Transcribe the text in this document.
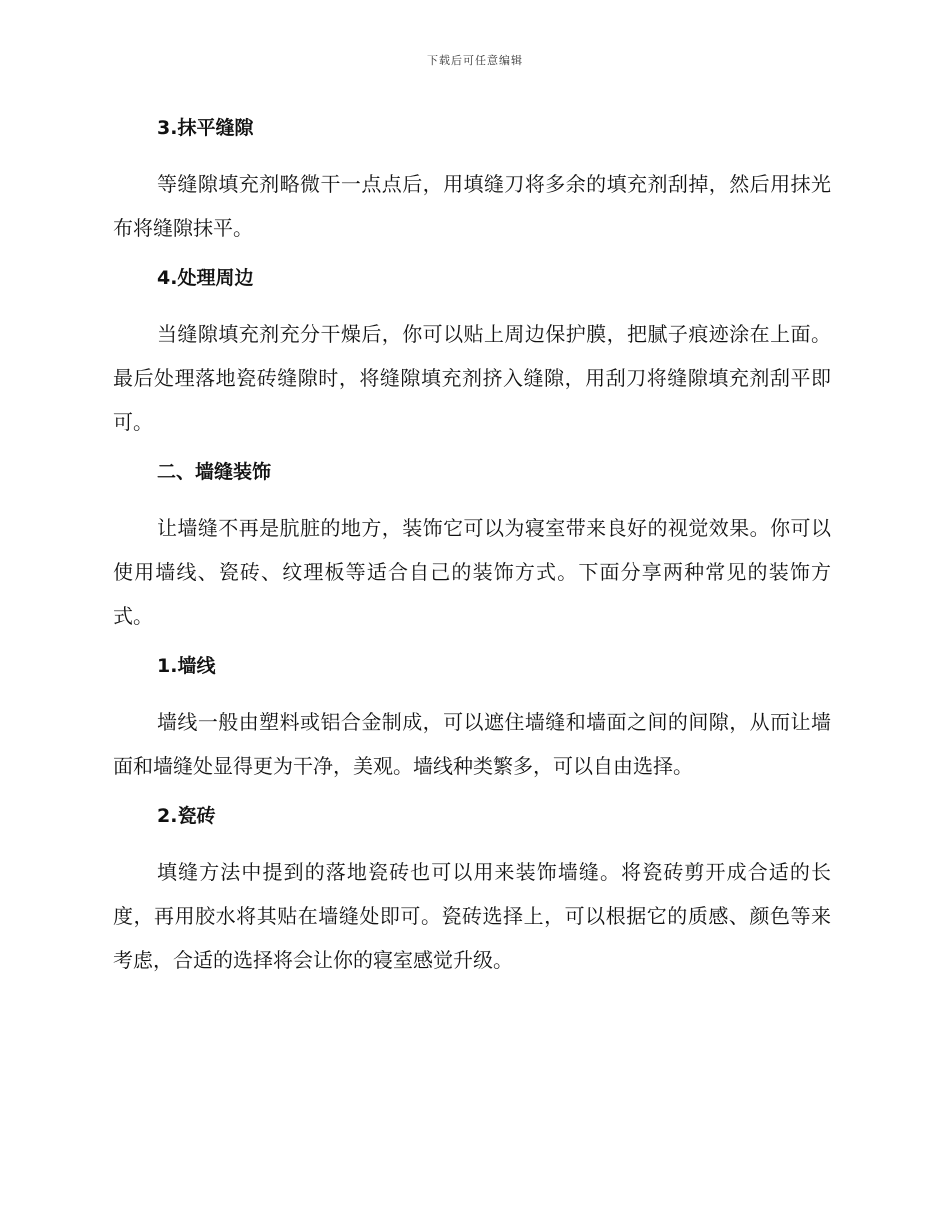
下载后可任意编辑
3.抹平缝隙

等缝隙填充剂略微干一点点后，用填缝刀将多余的填充剂刮掉，然后用抹光布将缝隙抹平。

4.处理周边

当缝隙填充剂充分干燥后，你可以贴上周边保护膜，把腻子痕迹涂在上面。最后处理落地瓷砖缝隙时，将缝隙填充剂挤入缝隙，用刮刀将缝隙填充剂刮平即可。

二、墙缝装饰

让墙缝不再是肮脏的地方，装饰它可以为寝室带来良好的视觉效果。你可以使用墙线、瓷砖、纹理板等适合自己的装饰方式。下面分享两种常见的装饰方式。

1.墙线

墙线一般由塑料或铝合金制成，可以遮住墙缝和墙面之间的间隙，从而让墙面和墙缝处显得更为干净，美观。墙线种类繁多，可以自由选择。

2.瓷砖

填缝方法中提到的落地瓷砖也可以用来装饰墙缝。将瓷砖剪开成合适的长度，再用胶水将其贴在墙缝处即可。瓷砖选择上，可以根据它的质感、颜色等来考虑，合适的选择将会让你的寝室感觉升级。
